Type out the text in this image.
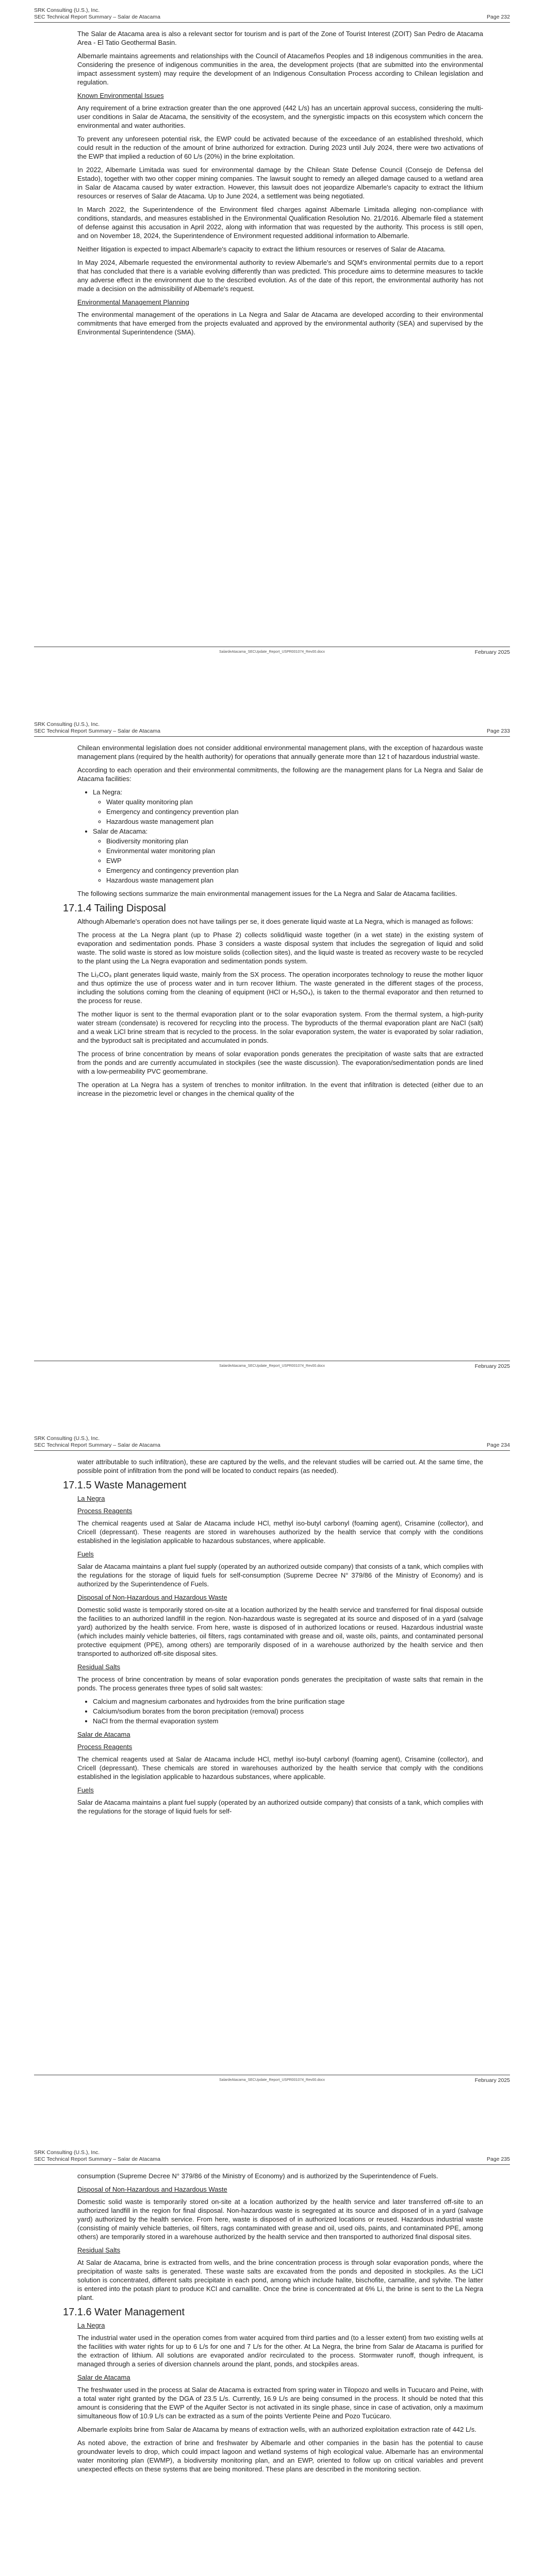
SRK Consulting (U.S.), Inc.
SEC Technical Report Summary – Salar de Atacama	Page 232

The Salar de Atacama area is also a relevant sector for tourism and is part of the Zone of Tourist Interest (ZOIT) San Pedro de Atacama Area - El Tatio Geothermal Basin.

Albemarle maintains agreements and relationships with the Council of Atacameños Peoples and 18 indigenous communities in the area. Considering the presence of indigenous communities in the area, the development projects (that are submitted into the environmental impact assessment system) may require the development of an Indigenous Consultation Process according to Chilean legislation and regulation.

Known Environmental Issues

Any requirement of a brine extraction greater than the one approved (442 L/s) has an uncertain approval success, considering the multi-user conditions in Salar de Atacama, the sensitivity of the ecosystem, and the synergistic impacts on this ecosystem which concern the environmental and water authorities.

To prevent any unforeseen potential risk, the EWP could be activated because of the exceedance of an established threshold, which could result in the reduction of the amount of brine authorized for extraction. During 2023 until July 2024, there were two activations of the EWP that implied a reduction of 60 L/s (20%) in the brine exploitation.

In 2022, Albemarle Limitada was sued for environmental damage by the Chilean State Defense Council (Consejo de Defensa del Estado), together with two other copper mining companies. The lawsuit sought to remedy an alleged damage caused to a wetland area in Salar de Atacama caused by water extraction. However, this lawsuit does not jeopardize Albemarle's capacity to extract the lithium resources or reserves of Salar de Atacama. Up to June 2024, a settlement was being negotiated.

In March 2022, the Superintendence of the Environment filed charges against Albemarle Limitada alleging non-compliance with conditions, standards, and measures established in the Environmental Qualification Resolution No. 21/2016. Albemarle filed a statement of defense against this accusation in April 2022, along with information that was requested by the authority. This process is still open, and on November 18, 2024, the Superintendence of Environment requested additional information to Albemarle.

Neither litigation is expected to impact Albemarle's capacity to extract the lithium resources or reserves of Salar de Atacama.

In May 2024, Albemarle requested the environmental authority to review Albemarle's and SQM's environmental permits due to a report that has concluded that there is a variable evolving differently than was predicted. This procedure aims to determine measures to tackle any adverse effect in the environment due to the described evolution. As of the date of this report, the environmental authority has not made a decision on the admissibility of Albemarle's request.

Environmental Management Planning

The environmental management of the operations in La Negra and Salar de Atacama are developed according to their environmental commitments that have emerged from the projects evaluated and approved by the environmental authority (SEA) and supervised by the Environmental Superintendence (SMA).

SalardeAtacama_SECUpdate_Report_USPR001074_Rev00.docx	February 2025
SRK Consulting (U.S.), Inc.
SEC Technical Report Summary – Salar de Atacama	Page 233

Chilean environmental legislation does not consider additional environmental management plans, with the exception of hazardous waste management plans (required by the health authority) for operations that annually generate more than 12 t of hazardous industrial waste.

According to each operation and their environmental commitments, the following are the management plans for La Negra and Salar de Atacama facilities:

• La Negra:
◦ Water quality monitoring plan
◦ Emergency and contingency prevention plan
◦ Hazardous waste management plan
• Salar de Atacama:
◦ Biodiversity monitoring plan
◦ Environmental water monitoring plan
◦ EWP
◦ Emergency and contingency prevention plan
◦ Hazardous waste management plan

The following sections summarize the main environmental management issues for the La Negra and Salar de Atacama facilities.

17.1.4 Tailing Disposal

Although Albemarle's operation does not have tailings per se, it does generate liquid waste at La Negra, which is managed as follows:

The process at the La Negra plant (up to Phase 2) collects solid/liquid waste together (in a wet state) in the existing system of evaporation and sedimentation ponds. Phase 3 considers a waste disposal system that includes the segregation of liquid and solid waste. The solid waste is stored as low moisture solids (collection sites), and the liquid waste is treated as recovery waste to be recycled to the plant using the La Negra evaporation and sedimentation ponds system.

The Li₂CO₃ plant generates liquid waste, mainly from the SX process. The operation incorporates technology to reuse the mother liquor and thus optimize the use of process water and in turn recover lithium. The waste generated in the different stages of the process, including the solutions coming from the cleaning of equipment (HCl or H₂SO₄), is taken to the thermal evaporator and then returned to the process for reuse.

The mother liquor is sent to the thermal evaporation plant or to the solar evaporation system. From the thermal system, a high-purity water stream (condensate) is recovered for recycling into the process. The byproducts of the thermal evaporation plant are NaCl (salt) and a weak LiCl brine stream that is recycled to the process. In the solar evaporation system, the water is evaporated by solar radiation, and the byproduct salt is precipitated and accumulated in ponds.

The process of brine concentration by means of solar evaporation ponds generates the precipitation of waste salts that are extracted from the ponds and are currently accumulated in stockpiles (see the waste discussion). The evaporation/sedimentation ponds are lined with a low-permeability PVC geomembrane.

The operation at La Negra has a system of trenches to monitor infiltration. In the event that infiltration is detected (either due to an increase in the piezometric level or changes in the chemical quality of the

SalardeAtacama_SECUpdate_Report_USPR001074_Rev00.docx	February 2025
SRK Consulting (U.S.), Inc.
SEC Technical Report Summary – Salar de Atacama	Page 234

water attributable to such infiltration), these are captured by the wells, and the relevant studies will be carried out. At the same time, the possible point of infiltration from the pond will be located to conduct repairs (as needed).

17.1.5 Waste Management
La Negra
Process Reagents

The chemical reagents used at Salar de Atacama include HCl, methyl iso-butyl carbonyl (foaming agent), Crisamine (collector), and Cricell (depressant). These reagents are stored in warehouses authorized by the health service that comply with the conditions established in the legislation applicable to hazardous substances, where applicable.

Fuels

Salar de Atacama maintains a plant fuel supply (operated by an authorized outside company) that consists of a tank, which complies with the regulations for the storage of liquid fuels for self-consumption (Supreme Decree N° 379/86 of the Ministry of Economy) and is authorized by the Superintendence of Fuels.

Disposal of Non-Hazardous and Hazardous Waste

Domestic solid waste is temporarily stored on-site at a location authorized by the health service and transferred for final disposal outside the facilities to an authorized landfill in the region. Non-hazardous waste is segregated at its source and disposed of in a yard (salvage yard) authorized by the health service. From here, waste is disposed of in authorized locations or reused. Hazardous industrial waste (which includes mainly vehicle batteries, oil filters, rags contaminated with grease and oil, waste oils, paints, and contaminated personal protective equipment (PPE), among others) are temporarily disposed of in a warehouse authorized by the health service and then transported to authorized off-site disposal sites.

Residual Salts

The process of brine concentration by means of solar evaporation ponds generates the precipitation of waste salts that remain in the ponds. The process generates three types of solid salt wastes:

• Calcium and magnesium carbonates and hydroxides from the brine purification stage
• Calcium/sodium borates from the boron precipitation (removal) process
• NaCl from the thermal evaporation system
Salar de Atacama
Process Reagents

The chemical reagents used at Salar de Atacama include HCl, methyl iso-butyl carbonyl (foaming agent), Crisamine (collector), and Cricell (depressant). These chemicals are stored in warehouses authorized by the health service that comply with the conditions established in the legislation applicable to hazardous substances, where applicable.

Fuels

Salar de Atacama maintains a plant fuel supply (operated by an authorized outside company) that consists of a tank, which complies with the regulations for the storage of liquid fuels for self-

SalardeAtacama_SECUpdate_Report_USPR001074_Rev00.docx	February 2025
SRK Consulting (U.S.), Inc.
SEC Technical Report Summary – Salar de Atacama	Page 235

consumption (Supreme Decree N° 379/86 of the Ministry of Economy) and is authorized by the Superintendence of Fuels.

Disposal of Non-Hazardous and Hazardous Waste

Domestic solid waste is temporarily stored on-site at a location authorized by the health service and later transferred off-site to an authorized landfill in the region for final disposal. Non-hazardous waste is segregated at its source and disposed of in a yard (salvage yard) authorized by the health service. From here, waste is disposed of in authorized locations or reused. Hazardous industrial waste (consisting of mainly vehicle batteries, oil filters, rags contaminated with grease and oil, used oils, paints, and contaminated PPE, among others) are temporarily stored in a warehouse authorized by the health service and then transported to authorized final disposal sites.

Residual Salts

At Salar de Atacama, brine is extracted from wells, and the brine concentration process is through solar evaporation ponds, where the precipitation of waste salts is generated. These waste salts are excavated from the ponds and deposited in stockpiles. As the LiCl solution is concentrated, different salts precipitate in each pond, among which include halite, bischofite, carnallite, and sylvite. The latter is entered into the potash plant to produce KCl and carnallite. Once the brine is concentrated at 6% Li, the brine is sent to the La Negra plant.

17.1.6 Water Management
La Negra

The industrial water used in the operation comes from water acquired from third parties and (to a lesser extent) from two existing wells at the facilities with water rights for up to 6 L/s for one and 7 L/s for the other. At La Negra, the brine from Salar de Atacama is purified for the extraction of lithium. All solutions are evaporated and/or recirculated to the process. Stormwater runoff, though infrequent, is managed through a series of diversion channels around the plant, ponds, and stockpiles areas.

Salar de Atacama

The freshwater used in the process at Salar de Atacama is extracted from spring water in Tilopozo and wells in Tucucaro and Peine, with a total water right granted by the DGA of 23.5 L/s. Currently, 16.9 L/s are being consumed in the process. It should be noted that this amount is considering that the EWP of the Aquifer Sector is not activated in its single phase, since in case of activation, only a maximum simultaneous flow of 10.9 L/s can be extracted as a sum of the points Vertiente Peine and Pozo Tucúcaro.

Albemarle exploits brine from Salar de Atacama by means of extraction wells, with an authorized exploitation extraction rate of 442 L/s.

As noted above, the extraction of brine and freshwater by Albemarle and other companies in the basin has the potential to cause groundwater levels to drop, which could impact lagoon and wetland systems of high ecological value. Albemarle has an environmental water monitoring plan (EWMP), a biodiversity monitoring plan, and an EWP, oriented to follow up on critical variables and prevent unexpected effects on these systems that are being monitored. These plans are described in the monitoring section.
